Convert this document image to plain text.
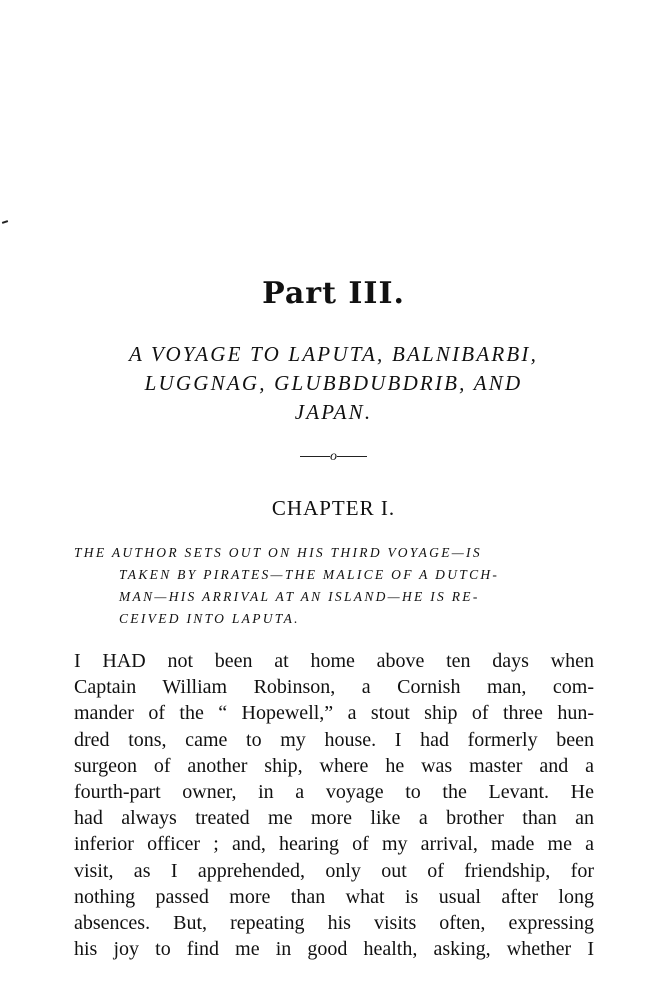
Part III.
A VOYAGE TO LAPUTA, BALNIBARBI,
LUGGNAG, GLUBBDUBDRIB, AND
JAPAN.
o
CHAPTER I.
THE AUTHOR SETS OUT ON HIS THIRD VOYAGE—IS
TAKEN BY PIRATES—THE MALICE OF A DUTCH-
MAN—HIS ARRIVAL AT AN ISLAND—HE IS RE-
CEIVED INTO LAPUTA.
I HAD not been at home above ten days when
Captain William Robinson, a Cornish man, com-
mander of the “ Hopewell,” a stout ship of three hun-
dred tons, came to my house. I had formerly been
surgeon of another ship, where he was master and a
fourth-part owner, in a voyage to the Levant. He
had always treated me more like a brother than an
inferior officer ; and, hearing of my arrival, made me a
visit, as I apprehended, only out of friendship, for
nothing passed more than what is usual after long
absences. But, repeating his visits often, expressing
his joy to find me in good health, asking, whether I
